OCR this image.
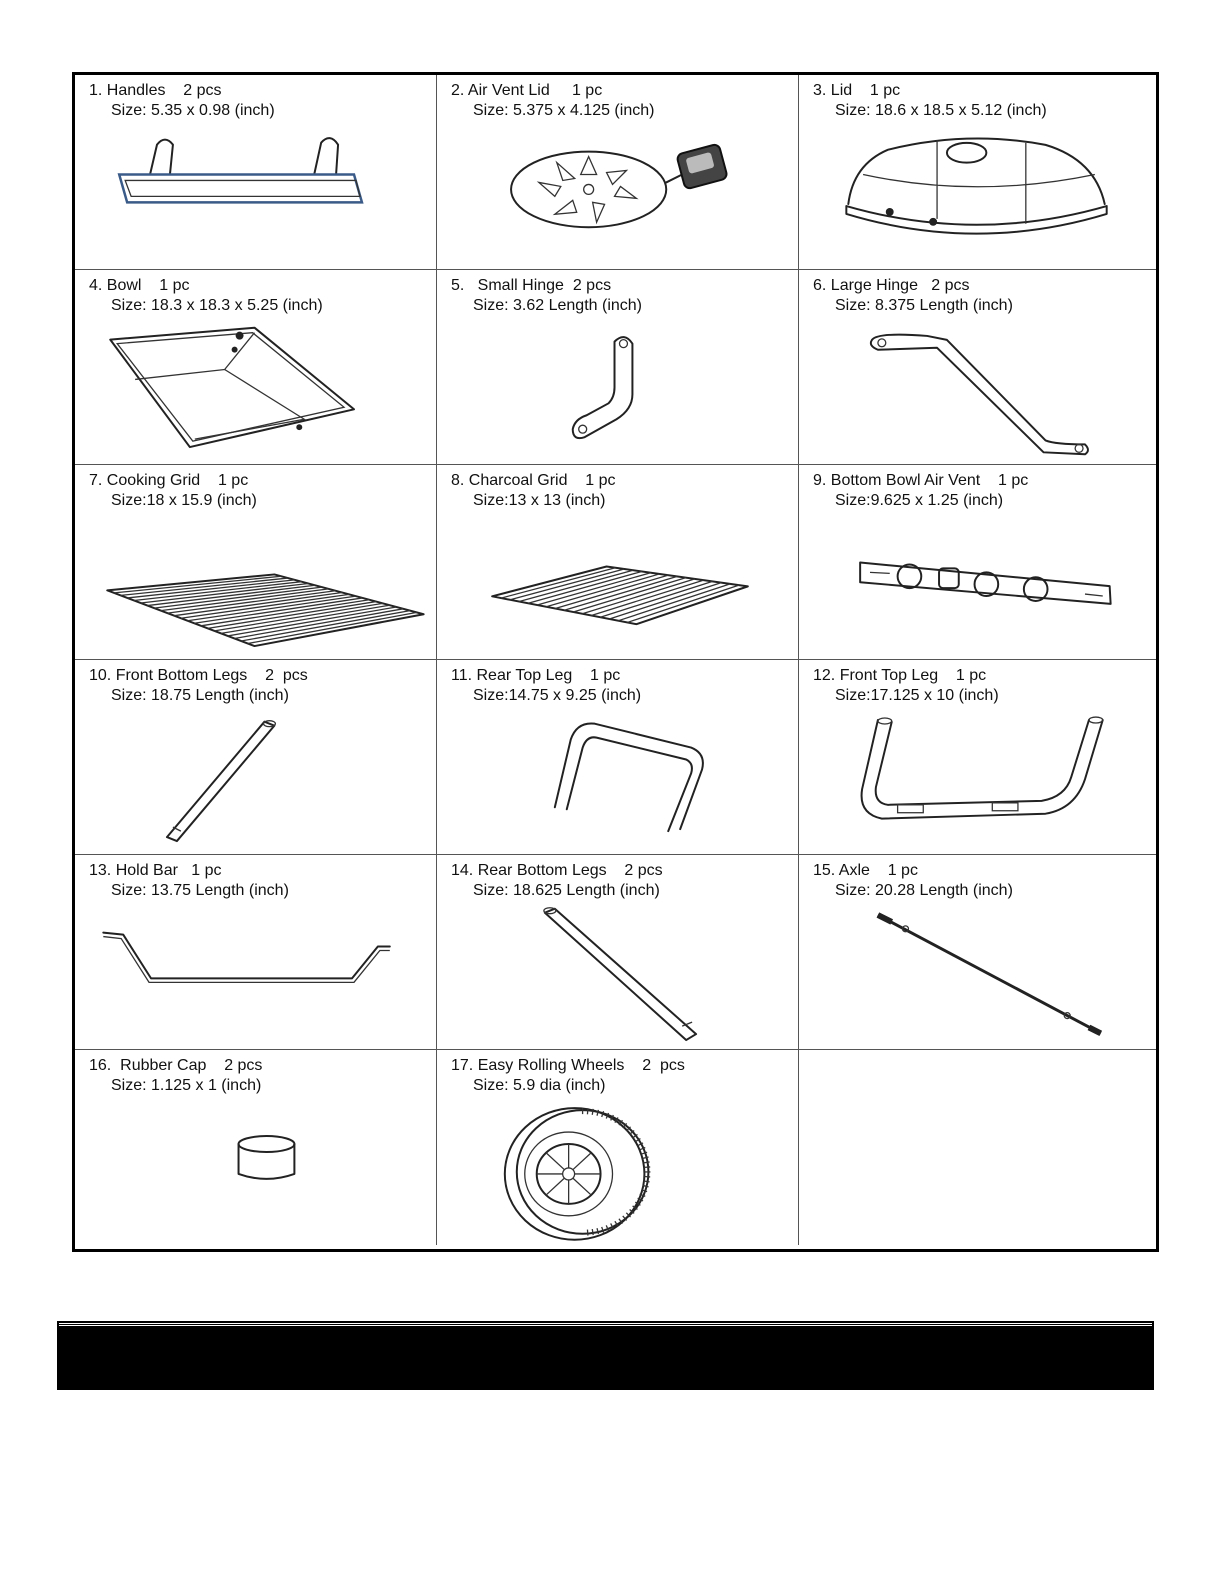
1. Handles    2 pcs
Size: 5.35 x 0.98 (inch)
2. Air Vent Lid     1 pc
Size: 5.375 x 4.125 (inch)
3. Lid    1 pc
Size: 18.6 x 18.5 x 5.12 (inch)
4. Bowl    1 pc
Size: 18.3 x 18.3 x 5.25 (inch)
5.   Small Hinge  2 pcs
Size: 3.62 Length (inch)
6. Large Hinge   2 pcs
Size: 8.375 Length (inch)
7. Cooking Grid    1 pc
Size:18 x 15.9 (inch)
8. Charcoal Grid    1 pc
Size:13 x 13 (inch)
9. Bottom Bowl Air Vent    1 pc
Size:9.625 x 1.25 (inch)
10. Front Bottom Legs    2  pcs
Size: 18.75 Length (inch)
11. Rear Top Leg    1 pc
Size:14.75 x 9.25 (inch)
12. Front Top Leg    1 pc
Size:17.125 x 10 (inch)
13. Hold Bar   1 pc
Size: 13.75 Length (inch)
14. Rear Bottom Legs    2 pcs
Size: 18.625 Length (inch)
15. Axle    1 pc
Size: 20.28 Length (inch)
16.  Rubber Cap    2 pcs
Size: 1.125 x 1 (inch)
17. Easy Rolling Wheels    2  pcs
Size: 5.9 dia (inch)
